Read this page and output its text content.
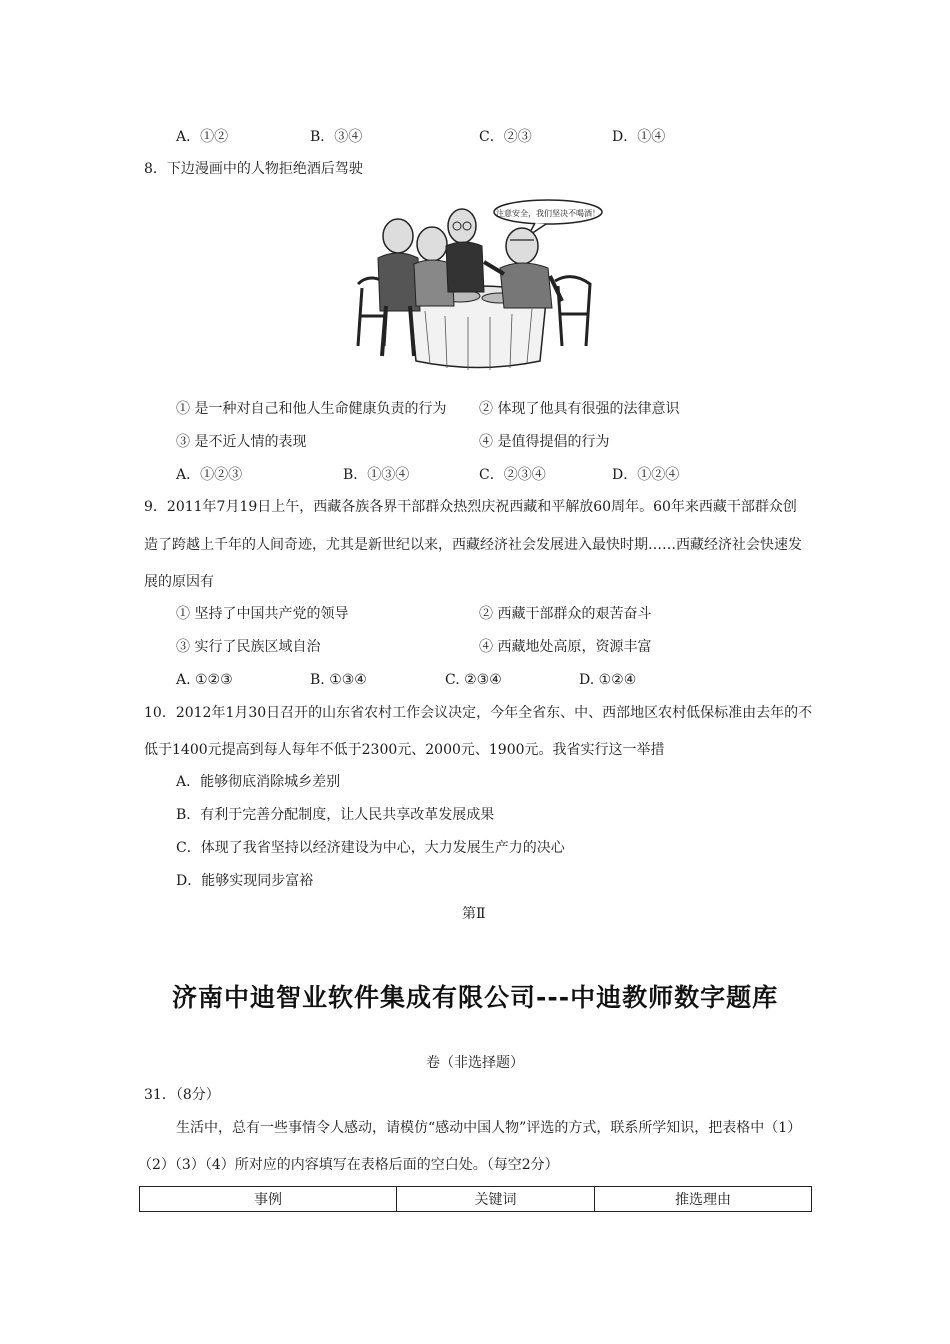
A．①②	B．③④	C．②③	D．①④
8．下边漫画中的人物拒绝酒后驾驶
注意安全，我们坚决不喝酒！
① 是一种对自己和他人生命健康负责的行为 ② 体现了他具有很强的法律意识
③ 是不近人情的表现	④ 是值得提倡的行为
A．①②③	B．①③④	C．②③④	D．①②④
9．2011年7月19日上午，西藏各族各界干部群众热烈庆祝西藏和平解放60周年。60年来西藏干部群众创
造了跨越上千年的人间奇迹，尤其是新世纪以来，西藏经济社会发展进入最快时期……西藏经济社会快速发
展的原因有
① 坚持了中国共产党的领导	② 西藏干部群众的艰苦奋斗
③ 实行了民族区域自治	④ 西藏地处高原，资源丰富
A. ①②③	B. ①③④	C. ②③④	D. ①②④
10．2012年1月30日召开的山东省农村工作会议决定，今年全省东、中、西部地区农村低保标准由去年的不
低于1400元提高到每人每年不低于2300元、2000元、1900元。我省实行这一举措
A．能够彻底消除城乡差别
B．有利于完善分配制度，让人民共享改革发展成果
C．体现了我省坚持以经济建设为中心，大力发展生产力的决心
D．能够实现同步富裕
第Ⅱ
济南中迪智业软件集成有限公司---中迪教师数字题库
卷（非选择题）
31．（8分）
生活中，总有一些事情令人感动，请模仿“感动中国人物”评选的方式，联系所学知识，把表格中（1）
（2）（3）（4）所对应的内容填写在表格后面的空白处。（每空2分）
事例	关键词	推选理由
